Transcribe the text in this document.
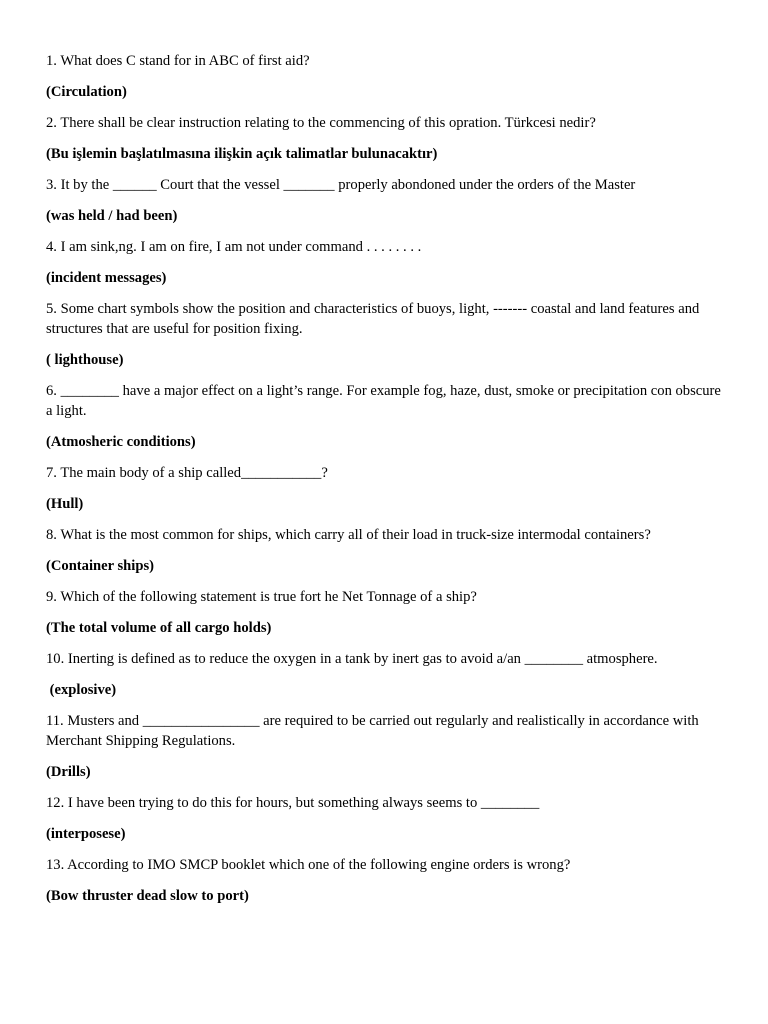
1. What does C stand for in ABC of first aid?

(Circulation)

2. There shall be clear instruction relating to the commencing of this opration. Türkcesi nedir?

(Bu işlemin başlatılmasına ilişkin açık talimatlar bulunacaktır)

3. It by the ______ Court that the vessel _______ properly abondoned under the orders of the Master

(was held / had been)

4. I am sink,ng. I am on fire, I am not under command . . . . . . . .

(incident messages)

5. Some chart symbols show the position and characteristics of buoys, light, ------- coastal and land features and structures that are useful for position fixing.

( lighthouse)

6. ________ have a major effect on a light’s range. For example fog, haze, dust, smoke or precipitation con obscure a light.

(Atmosheric conditions)

7. The main body of a ship called___________?

(Hull)

8. What is the most common for ships, which carry all of their load in truck-size intermodal containers?

(Container ships)

9. Which of the following statement is true fort he Net Tonnage of a ship?

(The total volume of all cargo holds)

10. Inerting is defined as to reduce the oxygen in a tank by inert gas to avoid a/an ________ atmosphere.

(explosive)

11. Musters and ________________ are required to be carried out regularly and realistically in accordance with Merchant Shipping Regulations.

(Drills)

12. I have been trying to do this for hours, but something always seems to ________

(interposese)

13. According to IMO SMCP booklet which one of the following engine orders is wrong?

(Bow thruster dead slow to port)
